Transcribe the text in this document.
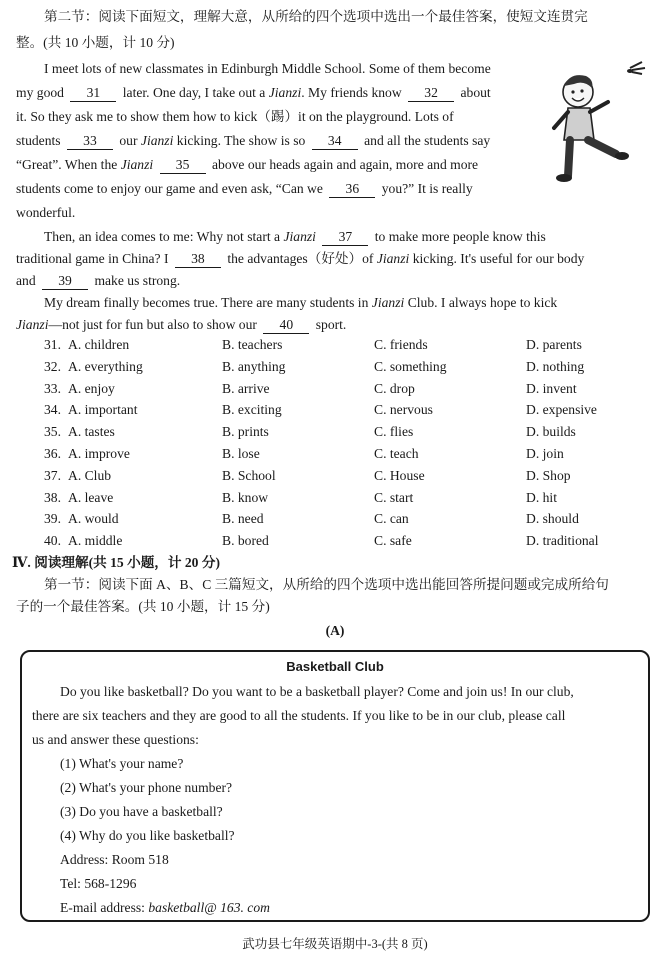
第二节：阅读下面短文，理解大意，从所给的四个选项中选出一个最佳答案，使短文连贯完
整。(共 10 小题，计 10 分)
I meet lots of new classmates in Edinburgh Middle School. Some of them become
my good 31 later. One day, I take out a Jianzi. My friends know 32 about
it. So they ask me to show them how to kick（踢）it on the playground. Lots of
students 33 our Jianzi kicking. The show is so 34 and all the students say
“Great”. When the Jianzi 35 above our heads again and again, more and more
students come to enjoy our game and even ask, “Can we 36 you?” It is really
wonderful.
Then, an idea comes to me: Why not start a Jianzi 37 to make more people know this
traditional game in China? I 38 the advantages（好处）of Jianzi kicking. It's useful for our body
and 39 make us strong.
My dream finally becomes true. There are many students in Jianzi Club. I always hope to kick
Jianzi—not just for fun but also to show our 40 sport.
31. A. children	B. teachers	C. friends	D. parents
32. A. everything	B. anything	C. something	D. nothing
33. A. enjoy	B. arrive	C. drop	D. invent
34. A. important	B. exciting	C. nervous	D. expensive
35. A. tastes	B. prints	C. flies	D. builds
36. A. improve	B. lose	C. teach	D. join
37. A. Club	B. School	C. House	D. Shop
38. A. leave	B. know	C. start	D. hit
39. A. would	B. need	C. can	D. should
40. A. middle	B. bored	C. safe	D. traditional
Ⅳ. 阅读理解(共 15 小题，计 20 分)
第一节：阅读下面 A、B、C 三篇短文，从所给的四个选项中选出能回答所提问题或完成所给句
子的一个最佳答案。(共 10 小题，计 15 分)
(A)
Basketball Club
Do you like basketball? Do you want to be a basketball player? Come and join us! In our club,
there are six teachers and they are good to all the students. If you like to be in our club, please call
us and answer these questions:
(1) What's your name?
(2) What's your phone number?
(3) Do you have a basketball?
(4) Why do you like basketball?
Address: Room 518
Tel: 568-1296
E-mail address: basketball@ 163. com
武功县七年级英语期中-3-(共 8 页)
